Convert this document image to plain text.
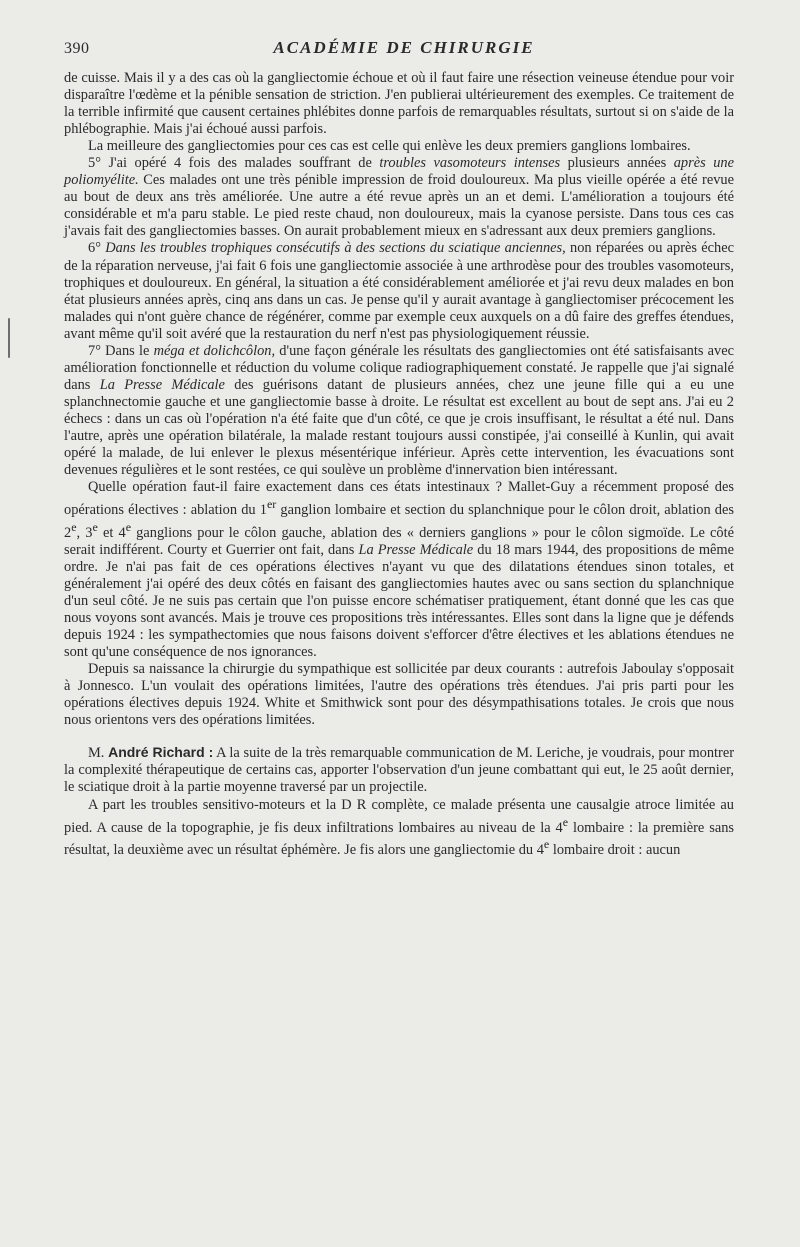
390	ACADÉMIE DE CHIRURGIE

de cuisse. Mais il y a des cas où la gangliectomie échoue et où il faut faire une résection veineuse étendue pour voir disparaître l'œdème et la pénible sensation de striction. J'en publierai ultérieurement des exemples. Ce traitement de la terrible infirmité que causent certaines phlébites donne parfois de remarquables résultats, surtout si on s'aide de la phlébographie. Mais j'ai échoué aussi parfois.

La meilleure des gangliectomies pour ces cas est celle qui enlève les deux premiers ganglions lombaires.

5° J'ai opéré 4 fois des malades souffrant de troubles vasomoteurs intenses plusieurs années après une poliomyélite. Ces malades ont une très pénible impression de froid douloureux. Ma plus vieille opérée a été revue au bout de deux ans très améliorée. Une autre a été revue après un an et demi. L'amélioration a toujours été considérable et m'a paru stable. Le pied reste chaud, non douloureux, mais la cyanose persiste. Dans tous ces cas j'avais fait des gangliectomies basses. On aurait probablement mieux en s'adressant aux deux premiers ganglions.

6° Dans les troubles trophiques consécutifs à des sections du sciatique anciennes, non réparées ou après échec de la réparation nerveuse, j'ai fait 6 fois une gangliectomie associée à une arthrodèse pour des troubles vasomoteurs, trophiques et douloureux. En général, la situation a été considérablement améliorée et j'ai revu deux malades en bon état plusieurs années après, cinq ans dans un cas. Je pense qu'il y aurait avantage à gangliectomiser précocement les malades qui n'ont guère chance de régénérer, comme par exemple ceux auxquels on a dû faire des greffes étendues, avant même qu'il soit avéré que la restauration du nerf n'est pas physiologiquement réussie.

7° Dans le méga et dolichcôlon, d'une façon générale les résultats des gangliectomies ont été satisfaisants avec amélioration fonctionnelle et réduction du volume colique radiographiquement constaté. Je rappelle que j'ai signalé dans La Presse Médicale des guérisons datant de plusieurs années, chez une jeune fille qui a eu une splanchnectomie gauche et une gangliectomie basse à droite. Le résultat est excellent au bout de sept ans. J'ai eu 2 échecs : dans un cas où l'opération n'a été faite que d'un côté, ce que je crois insuffisant, le résultat a été nul. Dans l'autre, après une opération bilatérale, la malade restant toujours aussi constipée, j'ai conseillé à Kunlin, qui avait opéré la malade, de lui enlever le plexus mésentérique inférieur. Après cette intervention, les évacuations sont devenues régulières et le sont restées, ce qui soulève un problème d'innervation bien intéressant.

Quelle opération faut-il faire exactement dans ces états intestinaux ? Mallet-Guy a récemment proposé des opérations électives : ablation du 1er ganglion lombaire et section du splanchnique pour le côlon droit, ablation des 2e, 3e et 4e ganglions pour le côlon gauche, ablation des « derniers ganglions » pour le côlon sigmoïde. Le côté serait indifférent. Courty et Guerrier ont fait, dans La Presse Médicale du 18 mars 1944, des propositions de même ordre. Je n'ai pas fait de ces opérations électives n'ayant vu que des dilatations étendues sinon totales, et généralement j'ai opéré des deux côtés en faisant des gangliectomies hautes avec ou sans section du splanchnique d'un seul côté. Je ne suis pas certain que l'on puisse encore schématiser pratiquement, étant donné que les cas que nous voyons sont avancés. Mais je trouve ces propositions très intéressantes. Elles sont dans la ligne que je défends depuis 1924 : les sympathectomies que nous faisons doivent s'efforcer d'être électives et les ablations étendues ne sont qu'une conséquence de nos ignorances.

Depuis sa naissance la chirurgie du sympathique est sollicitée par deux courants : autrefois Jaboulay s'opposait à Jonnesco. L'un voulait des opérations limitées, l'autre des opérations très étendues. J'ai pris parti pour les opérations électives depuis 1924. White et Smithwick sont pour des désympathisations totales. Je crois que nous nous orientons vers des opérations limitées.

M. André Richard : A la suite de la très remarquable communication de M. Leriche, je voudrais, pour montrer la complexité thérapeutique de certains cas, apporter l'observation d'un jeune combattant qui eut, le 25 août dernier, le sciatique droit à la partie moyenne traversé par un projectile.

A part les troubles sensitivo-moteurs et la D R complète, ce malade présenta une causalgie atroce limitée au pied. A cause de la topographie, je fis deux infiltrations lombaires au niveau de la 4e lombaire : la première sans résultat, la deuxième avec un résultat éphémère. Je fis alors une gangliectomie du 4e lombaire droit : aucun
